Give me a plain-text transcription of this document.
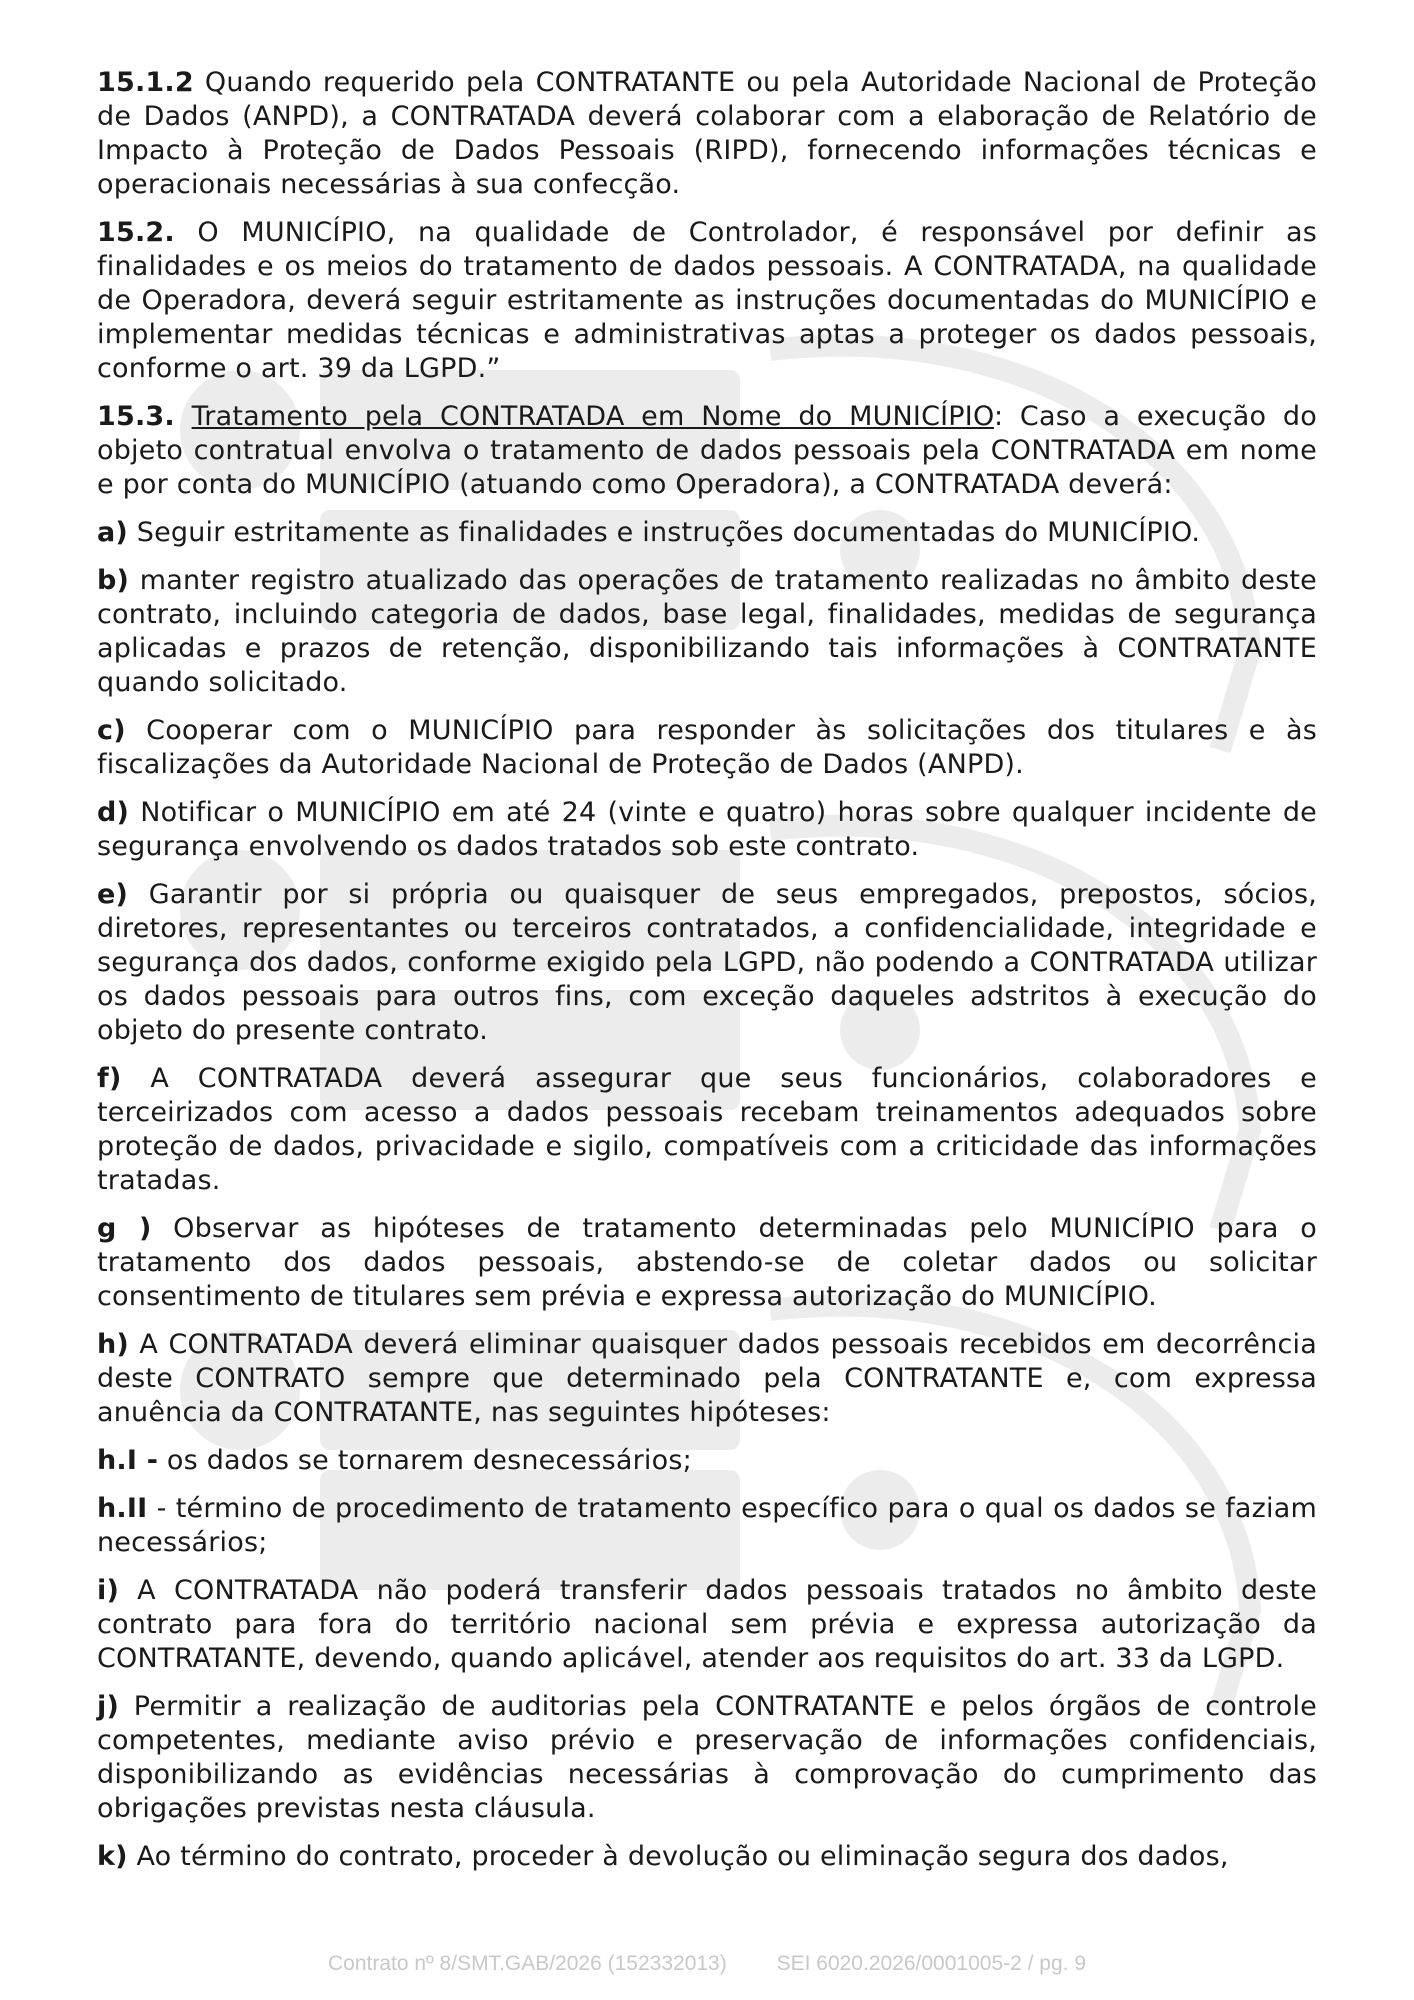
15.1.2 Quando requerido pela CONTRATANTE ou pela Autoridade Nacional de Proteção de Dados (ANPD), a CONTRATADA deverá colaborar com a elaboração de Relatório de Impacto à Proteção de Dados Pessoais (RIPD), fornecendo informações técnicas e operacionais necessárias à sua confecção.

15.2. O MUNICÍPIO, na qualidade de Controlador, é responsável por definir as finalidades e os meios do tratamento de dados pessoais. A CONTRATADA, na qualidade de Operadora, deverá seguir estritamente as instruções documentadas do MUNICÍPIO e implementar medidas técnicas e administrativas aptas a proteger os dados pessoais, conforme o art. 39 da LGPD.”

15.3. Tratamento pela CONTRATADA em Nome do MUNICÍPIO: Caso a execução do objeto contratual envolva o tratamento de dados pessoais pela CONTRATADA em nome e por conta do MUNICÍPIO (atuando como Operadora), a CONTRATADA deverá:

a) Seguir estritamente as finalidades e instruções documentadas do MUNICÍPIO.

b) manter registro atualizado das operações de tratamento realizadas no âmbito deste contrato, incluindo categoria de dados, base legal, finalidades, medidas de segurança aplicadas e prazos de retenção, disponibilizando tais informações à CONTRATANTE quando solicitado.

c) Cooperar com o MUNICÍPIO para responder às solicitações dos titulares e às fiscalizações da Autoridade Nacional de Proteção de Dados (ANPD).

d) Notificar o MUNICÍPIO em até 24 (vinte e quatro) horas sobre qualquer incidente de segurança envolvendo os dados tratados sob este contrato.

e) Garantir por si própria ou quaisquer de seus empregados, prepostos, sócios, diretores, representantes ou terceiros contratados, a confidencialidade, integridade e segurança dos dados, conforme exigido pela LGPD, não podendo a CONTRATADA utilizar os dados pessoais para outros fins, com exceção daqueles adstritos à execução do objeto do presente contrato.

f) A CONTRATADA deverá assegurar que seus funcionários, colaboradores e terceirizados com acesso a dados pessoais recebam treinamentos adequados sobre proteção de dados, privacidade e sigilo, compatíveis com a criticidade das informações tratadas.

g ) Observar as hipóteses de tratamento determinadas pelo MUNICÍPIO para o tratamento dos dados pessoais, abstendo-se de coletar dados ou solicitar consentimento de titulares sem prévia e expressa autorização do MUNICÍPIO.

h) A CONTRATADA deverá eliminar quaisquer dados pessoais recebidos em decorrência deste CONTRATO sempre que determinado pela CONTRATANTE e, com expressa anuência da CONTRATANTE, nas seguintes hipóteses:

h.I - os dados se tornarem desnecessários;

h.II - término de procedimento de tratamento específico para o qual os dados se faziam necessários;

i) A CONTRATADA não poderá transferir dados pessoais tratados no âmbito deste contrato para fora do território nacional sem prévia e expressa autorização da CONTRATANTE, devendo, quando aplicável, atender aos requisitos do art. 33 da LGPD.

j) Permitir a realização de auditorias pela CONTRATANTE e pelos órgãos de controle competentes, mediante aviso prévio e preservação de informações confidenciais, disponibilizando as evidências necessárias à comprovação do cumprimento das obrigações previstas nesta cláusula.

k) Ao término do contrato, proceder à devolução ou eliminação segura dos dados,

Contrato nº 8/SMT.GAB/2026 (152332013) SEI 6020.2026/0001005-2 / pg. 9
